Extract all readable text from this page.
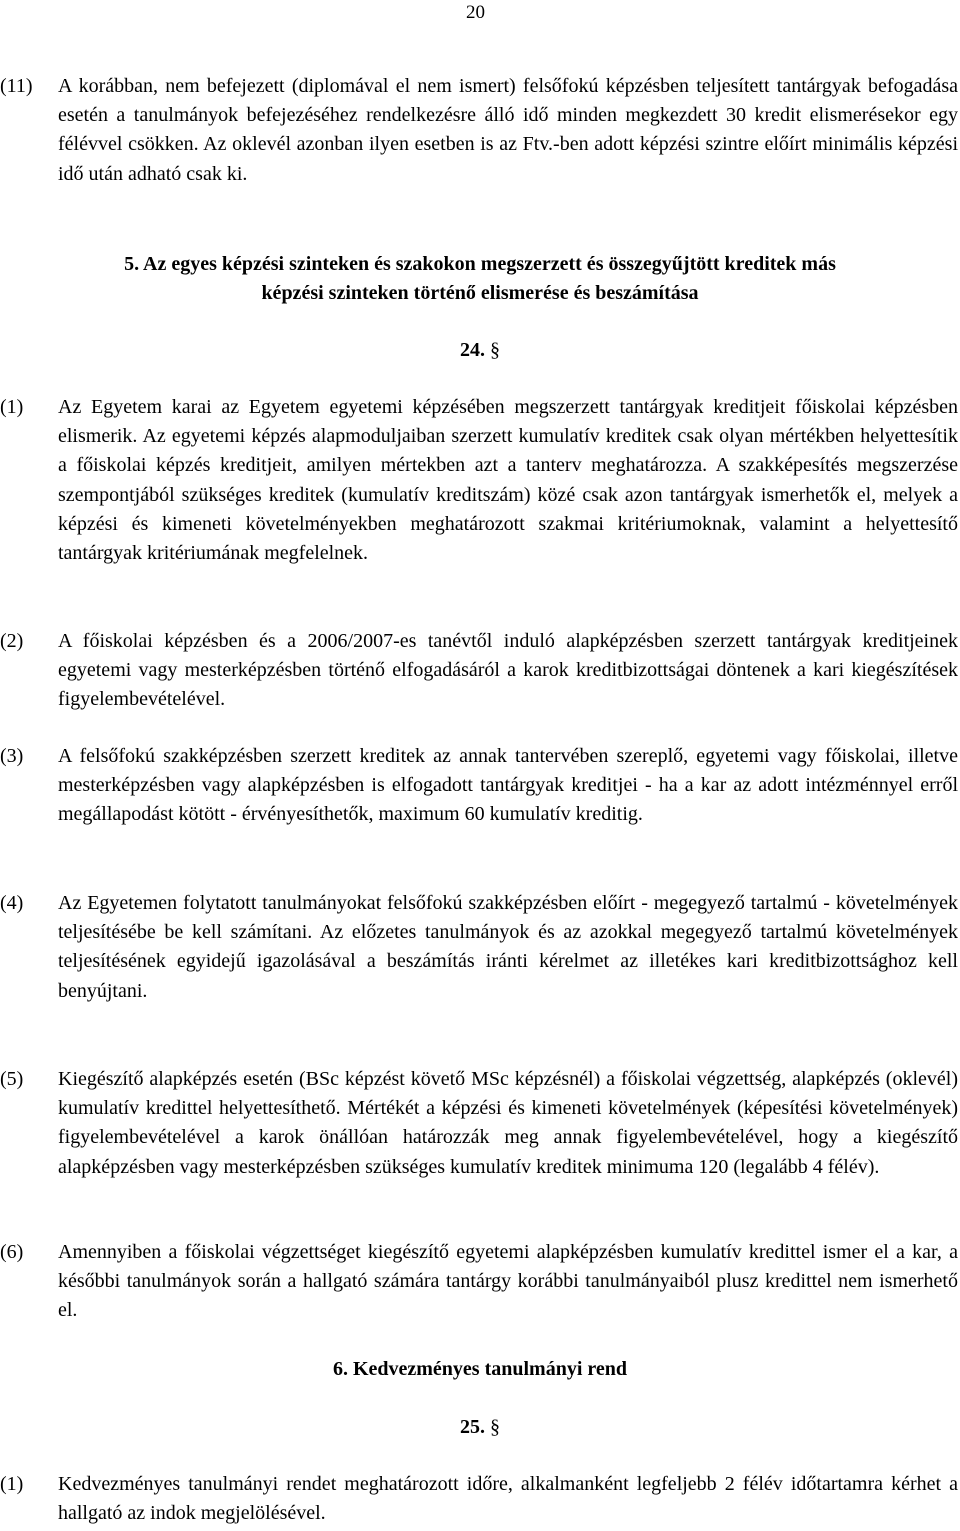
20
(11)	A korábban, nem befejezett (diplomával el nem ismert) felsőfokú képzésben teljesített tantárgyak befogadása esetén a tanulmányok befejezéséhez rendelkezésre álló idő minden megkezdett 30 kredit elismerésekor egy félévvel csökken. Az oklevél azonban ilyen esetben is az Ftv.-ben adott képzési szintre előírt minimális képzési idő után adható csak ki.
5. Az egyes képzési szinteken és szakokon megszerzett és összegyűjtött kreditek más
képzési szinteken történő elismerése és beszámítása
24. §
(1)	Az Egyetem karai az Egyetem egyetemi képzésében megszerzett tantárgyak kreditjeit főiskolai képzésben elismerik. Az egyetemi képzés alapmoduljaiban szerzett kumulatív kreditek csak olyan mértékben helyettesítik a főiskolai képzés kreditjeit, amilyen mértekben azt a tanterv meghatározza. A szakképesítés megszerzése szempontjából szükséges kreditek (kumulatív kreditszám) közé csak azon tantárgyak ismerhetők el, melyek a képzési és kimeneti követelményekben meghatározott szakmai kritériumoknak, valamint a helyettesítő tantárgyak kritériumának megfelelnek.
(2)	A főiskolai képzésben és a 2006/2007-es tanévtől induló alapképzésben szerzett tantárgyak kreditjeinek egyetemi vagy mesterképzésben történő elfogadásáról a karok kreditbizottságai döntenek a kari kiegészítések figyelembevételével.
(3)	A felsőfokú szakképzésben szerzett kreditek az annak tantervében szereplő, egyetemi vagy főiskolai, illetve mesterképzésben vagy alapképzésben is elfogadott tantárgyak kreditjei - ha a kar az adott intézménnyel erről megállapodást kötött - érvényesíthetők, maximum 60 kumulatív kreditig.
(4)	Az Egyetemen folytatott tanulmányokat felsőfokú szakképzésben előírt - megegyező tartalmú - követelmények teljesítésébe be kell számítani. Az előzetes tanulmányok és az azokkal megegyező tartalmú követelmények teljesítésének egyidejű igazolásával a beszámítás iránti kérelmet az illetékes kari kreditbizottsághoz kell benyújtani.
(5)	Kiegészítő alapképzés esetén (BSc képzést követő MSc képzésnél) a főiskolai végzettség, alapképzés (oklevél) kumulatív kredittel helyettesíthető. Mértékét a képzési és kimeneti követelmények (képesítési követelmények) figyelembevételével a karok önállóan határozzák meg annak figyelembevételével, hogy a kiegészítő alapképzésben vagy mesterképzésben szükséges kumulatív kreditek minimuma 120 (legalább 4 félév).
(6)	Amennyiben a főiskolai végzettséget kiegészítő egyetemi alapképzésben kumulatív kredittel ismer el a kar, a későbbi tanulmányok során a hallgató számára tantárgy korábbi tanulmányaiból plusz kredittel nem ismerhető el.
6. Kedvezményes tanulmányi rend
25. §
(1)	Kedvezményes tanulmányi rendet meghatározott időre, alkalmanként legfeljebb 2 félév időtartamra kérhet a hallgató az indok megjelölésével.
